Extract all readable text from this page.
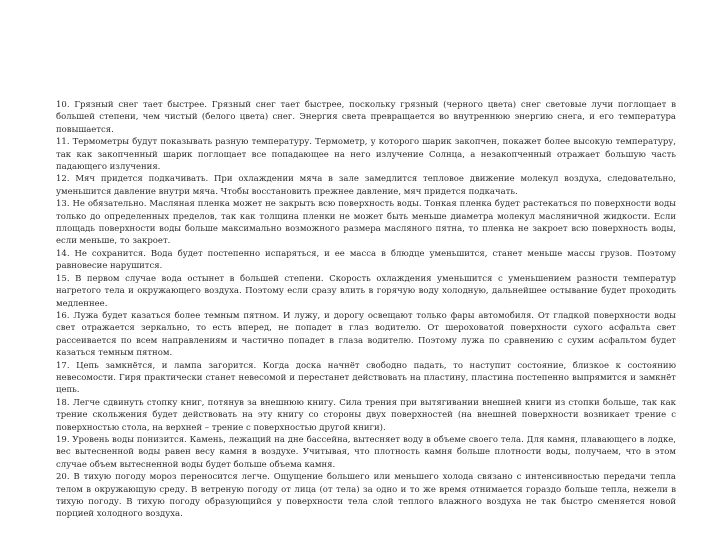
10. Грязный снег тает быстрее. Грязный снег тает быстрее, поскольку грязный (черного цвета) снег световые лучи поглощает в большей степени, чем чистый (белого цвета) снег. Энергия света превращается во внутреннюю энергию снега, и его температура повышается.

11. Термометры будут показывать разную температуру. Термометр, у которого шарик закопчен, покажет более высокую температуру, так как закопченный шарик поглощает все попадающее на него излучение Солнца, а незакопченный отражает большую часть падающего излучения.

12. Мяч придется подкачивать. При охлаждении мяча в зале замедлится тепловое движение молекул воздуха, следовательно, уменьшится давление внутри мяча. Чтобы восстановить прежнее давление, мяч придется подкачать.

13. Не обязательно. Масляная пленка может не закрыть всю поверхность воды. Тонкая пленка будет растекаться по поверхности воды только до определенных пределов, так как толщина пленки не может быть меньше диаметра молекул масляничной жидкости. Если площадь поверхности воды больше максимально возможного размера масляного пятна, то пленка не закроет всю поверхность воды, если меньше, то закроет.

14. Не сохранится. Вода будет постепенно испаряться, и ее масса в блюдце уменьшится, станет меньше массы грузов. Поэтому равновесие нарушится.

15. В первом случае вода остынет в большей степени. Скорость охлаждения уменьшится с уменьшением разности температур нагретого тела и окружающего воздуха. Поэтому если сразу влить в горячую воду холодную, дальнейшее остывание будет проходить медленнее.

16. Лужа будет казаться более темным пятном. И лужу, и дорогу освещают только фары автомобиля. От гладкой поверхности воды свет отражается зеркально, то есть вперед, не попадет в глаз водителю. От шероховатой поверхности сухого асфальта свет рассеивается по всем направлениям и частично попадет в глаза водителю. Поэтому лужа по сравнению с сухим асфальтом будет казаться темным пятном.

17. Цепь замкнётся, и лампа загорится. Когда доска начнёт свободно падать, то наступит состояние, близкое к состоянию невесомости. Гиря практически станет невесомой и перестанет действовать на пластину, пластина постепенно выпрямится и замкнёт цепь.

18. Легче сдвинуть стопку книг, потянув за внешнюю книгу. Сила трения при вытягивании внешней книги из стопки больше, так как трение скольжения будет действовать на эту книгу со стороны двух поверхностей (на внешней поверхности возникает трение с поверхностью стола, на верхней – трение с поверхностью другой книги).

19. Уровень воды понизится. Камень, лежащий на дне бассейна, вытесняет воду в объеме своего тела. Для камня, плавающего в лодке, вес вытесненной воды равен весу камня в воздухе. Учитывая, что плотность камня больше плотности воды, получаем, что в этом случае объем вытесненной воды будет больше объема камня.

20. В тихую погоду мороз переносится легче. Ощущение большего или меньшего холода связано с интенсивностью передачи тепла телом в окружающую среду. В ветреную погоду от лица (от тела) за одно и то же время отнимается гораздо больше тепла, нежели в тихую погоду. В тихую погоду образующийся у поверхности тела слой теплого влажного воздуха не так быстро сменяется новой порцией холодного воздуха.
